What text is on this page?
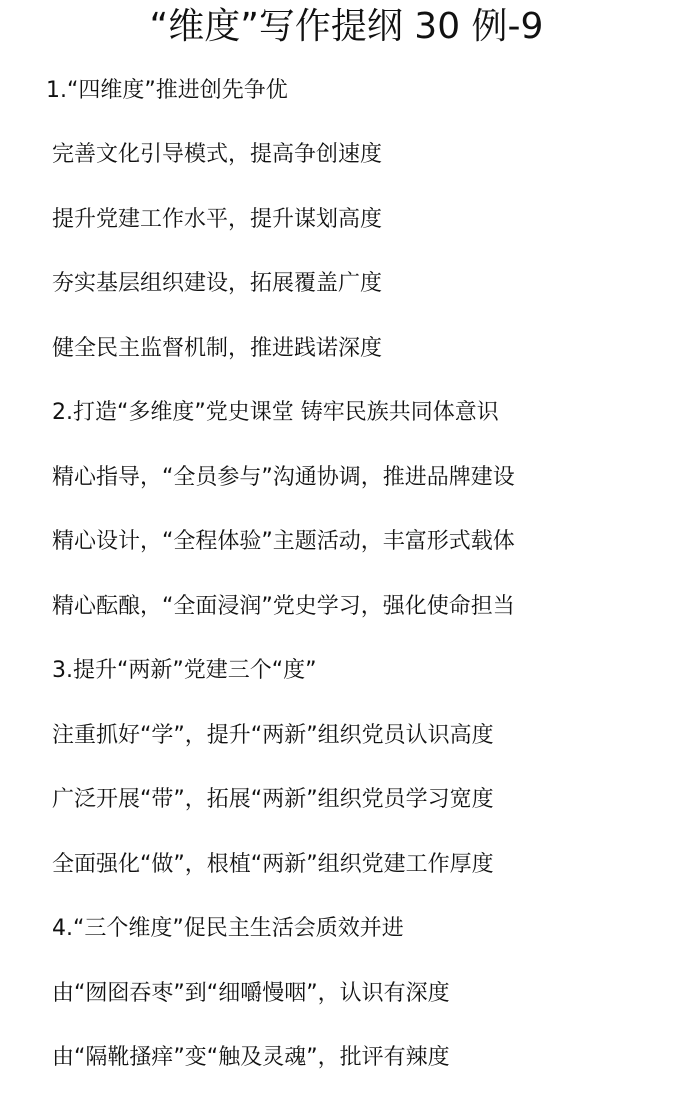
“维度”写作提纲 30 例-9
1.“四维度”推进创先争优
完善文化引导模式，提高争创速度
提升党建工作水平，提升谋划高度
夯实基层组织建设，拓展覆盖广度
健全民主监督机制，推进践诺深度
2.打造“多维度”党史课堂 铸牢民族共同体意识
精心指导，“全员参与”沟通协调，推进品牌建设
精心设计，“全程体验”主题活动，丰富形式载体
精心酝酿，“全面浸润”党史学习，强化使命担当
3.提升“两新”党建三个“度”
注重抓好“学”，提升“两新”组织党员认识高度
广泛开展“带”，拓展“两新”组织党员学习宽度
全面强化“做”，根植“两新”组织党建工作厚度
4.“三个维度”促民主生活会质效并进
由“囫囵吞枣”到“细嚼慢咽”，认识有深度
由“隔靴搔痒”变“触及灵魂”，批评有辣度
